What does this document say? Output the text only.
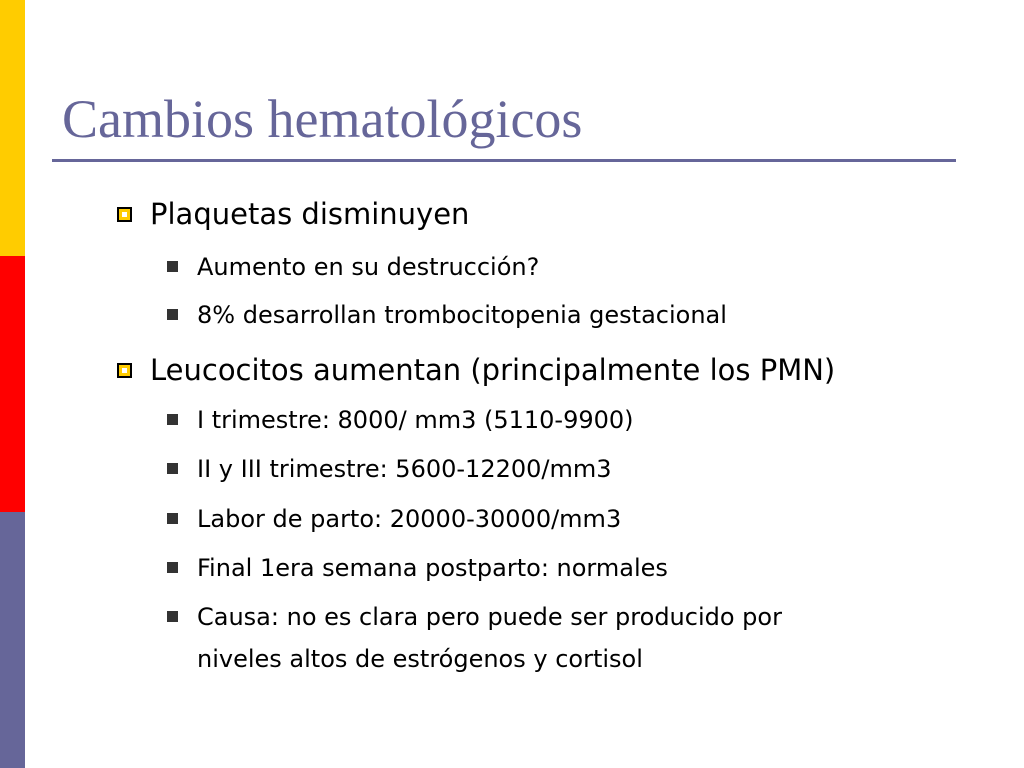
Cambios hematológicos
Plaquetas disminuyen
Aumento en su destrucción?
8% desarrollan trombocitopenia gestacional
Leucocitos aumentan (principalmente los PMN)
I trimestre: 8000/ mm3 (5110-9900)
II y III trimestre: 5600-12200/mm3
Labor de parto: 20000-30000/mm3
Final 1era semana postparto: normales
Causa: no es clara pero puede ser producido por
niveles altos de estrógenos y cortisol
